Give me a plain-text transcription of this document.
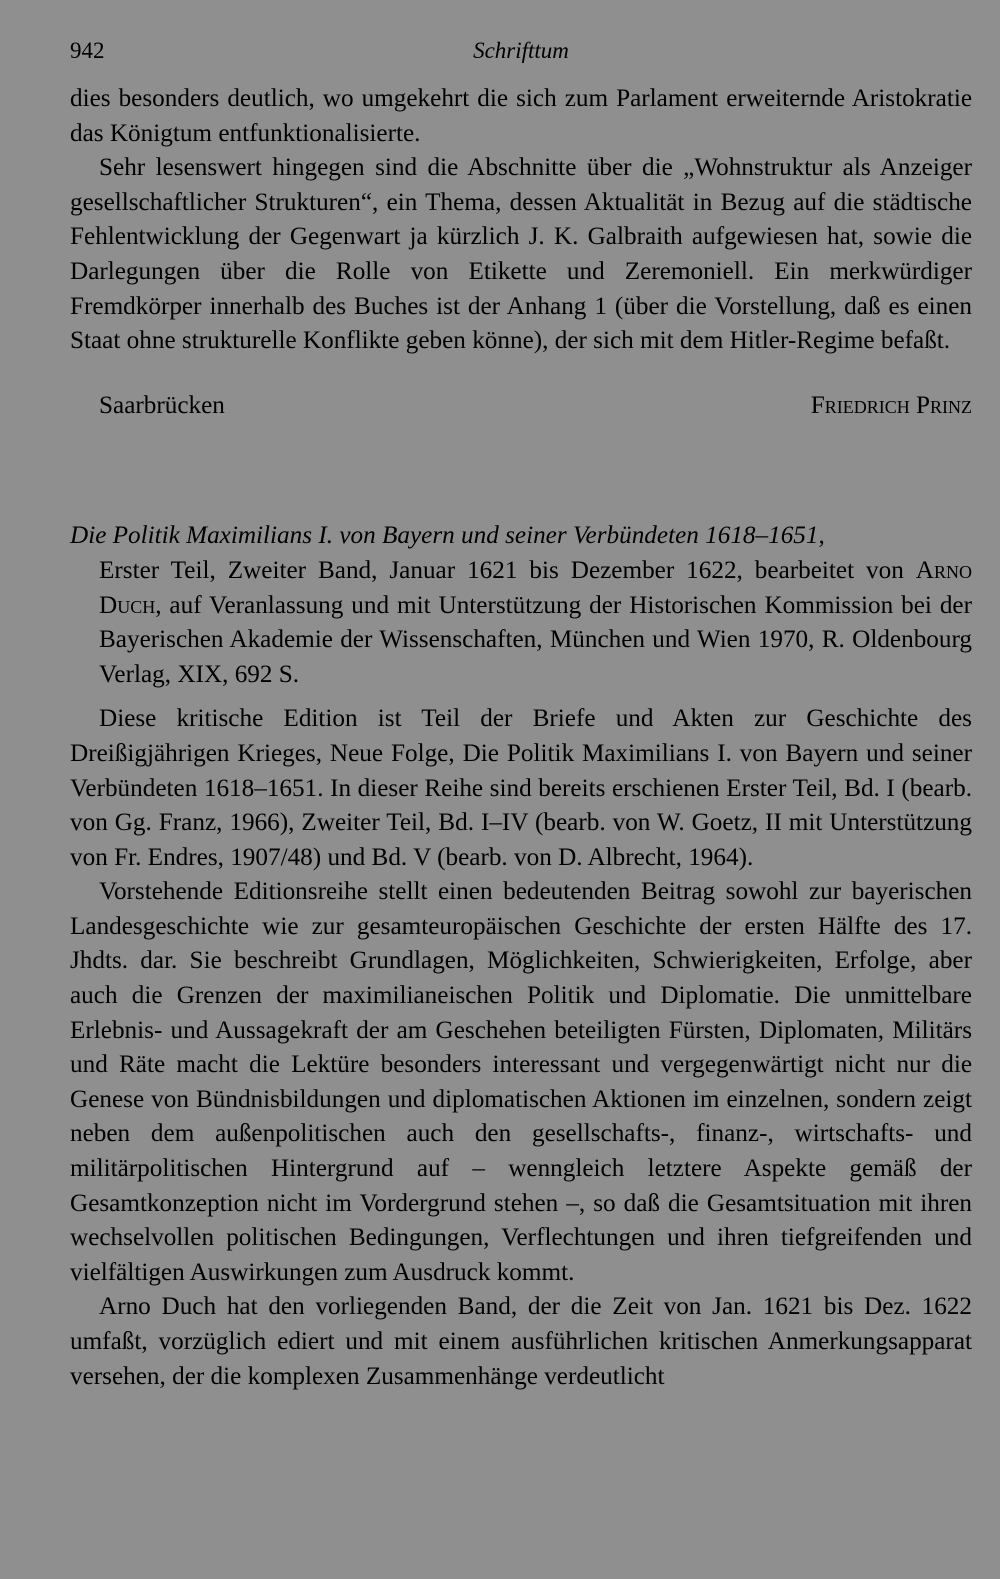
942	Schrifttum

dies besonders deutlich, wo umgekehrt die sich zum Parlament erweiternde Aristokratie das Königtum entfunktionalisierte.

Sehr lesenswert hingegen sind die Abschnitte über die „Wohnstruktur als Anzeiger gesellschaftlicher Strukturen“, ein Thema, dessen Aktualität in Bezug auf die städtische Fehlentwicklung der Gegenwart ja kürzlich J. K. Galbraith aufgewiesen hat, sowie die Darlegungen über die Rolle von Etikette und Zeremoniell. Ein merkwürdiger Fremdkörper innerhalb des Buches ist der Anhang 1 (über die Vorstellung, daß es einen Staat ohne strukturelle Konflikte geben könne), der sich mit dem Hitler-Regime befaßt.

Saarbrücken	Friedrich Prinz

Die Politik Maximilians I. von Bayern und seiner Verbündeten 1618–1651,

Erster Teil, Zweiter Band, Januar 1621 bis Dezember 1622, bearbeitet von Arno Duch, auf Veranlassung und mit Unterstützung der Historischen Kommission bei der Bayerischen Akademie der Wissenschaften, München und Wien 1970, R. Oldenbourg Verlag, XIX, 692 S.

Diese kritische Edition ist Teil der Briefe und Akten zur Geschichte des Dreißigjährigen Krieges, Neue Folge, Die Politik Maximilians I. von Bayern und seiner Verbündeten 1618–1651. In dieser Reihe sind bereits erschienen Erster Teil, Bd. I (bearb. von Gg. Franz, 1966), Zweiter Teil, Bd. I–IV (bearb. von W. Goetz, II mit Unterstützung von Fr. Endres, 1907/48) und Bd. V (bearb. von D. Albrecht, 1964).

Vorstehende Editionsreihe stellt einen bedeutenden Beitrag sowohl zur bayerischen Landesgeschichte wie zur gesamteuropäischen Geschichte der ersten Hälfte des 17. Jhdts. dar. Sie beschreibt Grundlagen, Möglichkeiten, Schwierigkeiten, Erfolge, aber auch die Grenzen der maximilianeischen Politik und Diplomatie. Die unmittelbare Erlebnis- und Aussagekraft der am Geschehen beteiligten Fürsten, Diplomaten, Militärs und Räte macht die Lektüre besonders interessant und vergegenwärtigt nicht nur die Genese von Bündnisbildungen und diplomatischen Aktionen im einzelnen, sondern zeigt neben dem außenpolitischen auch den gesellschafts-, finanz-, wirtschafts- und militärpolitischen Hintergrund auf – wenngleich letztere Aspekte gemäß der Gesamtkonzeption nicht im Vordergrund stehen –, so daß die Gesamtsituation mit ihren wechselvollen politischen Bedingungen, Verflechtungen und ihren tiefgreifenden und vielfältigen Auswirkungen zum Ausdruck kommt.

Arno Duch hat den vorliegenden Band, der die Zeit von Jan. 1621 bis Dez. 1622 umfaßt, vorzüglich ediert und mit einem ausführlichen kritischen Anmerkungsapparat versehen, der die komplexen Zusammenhänge verdeutlicht
